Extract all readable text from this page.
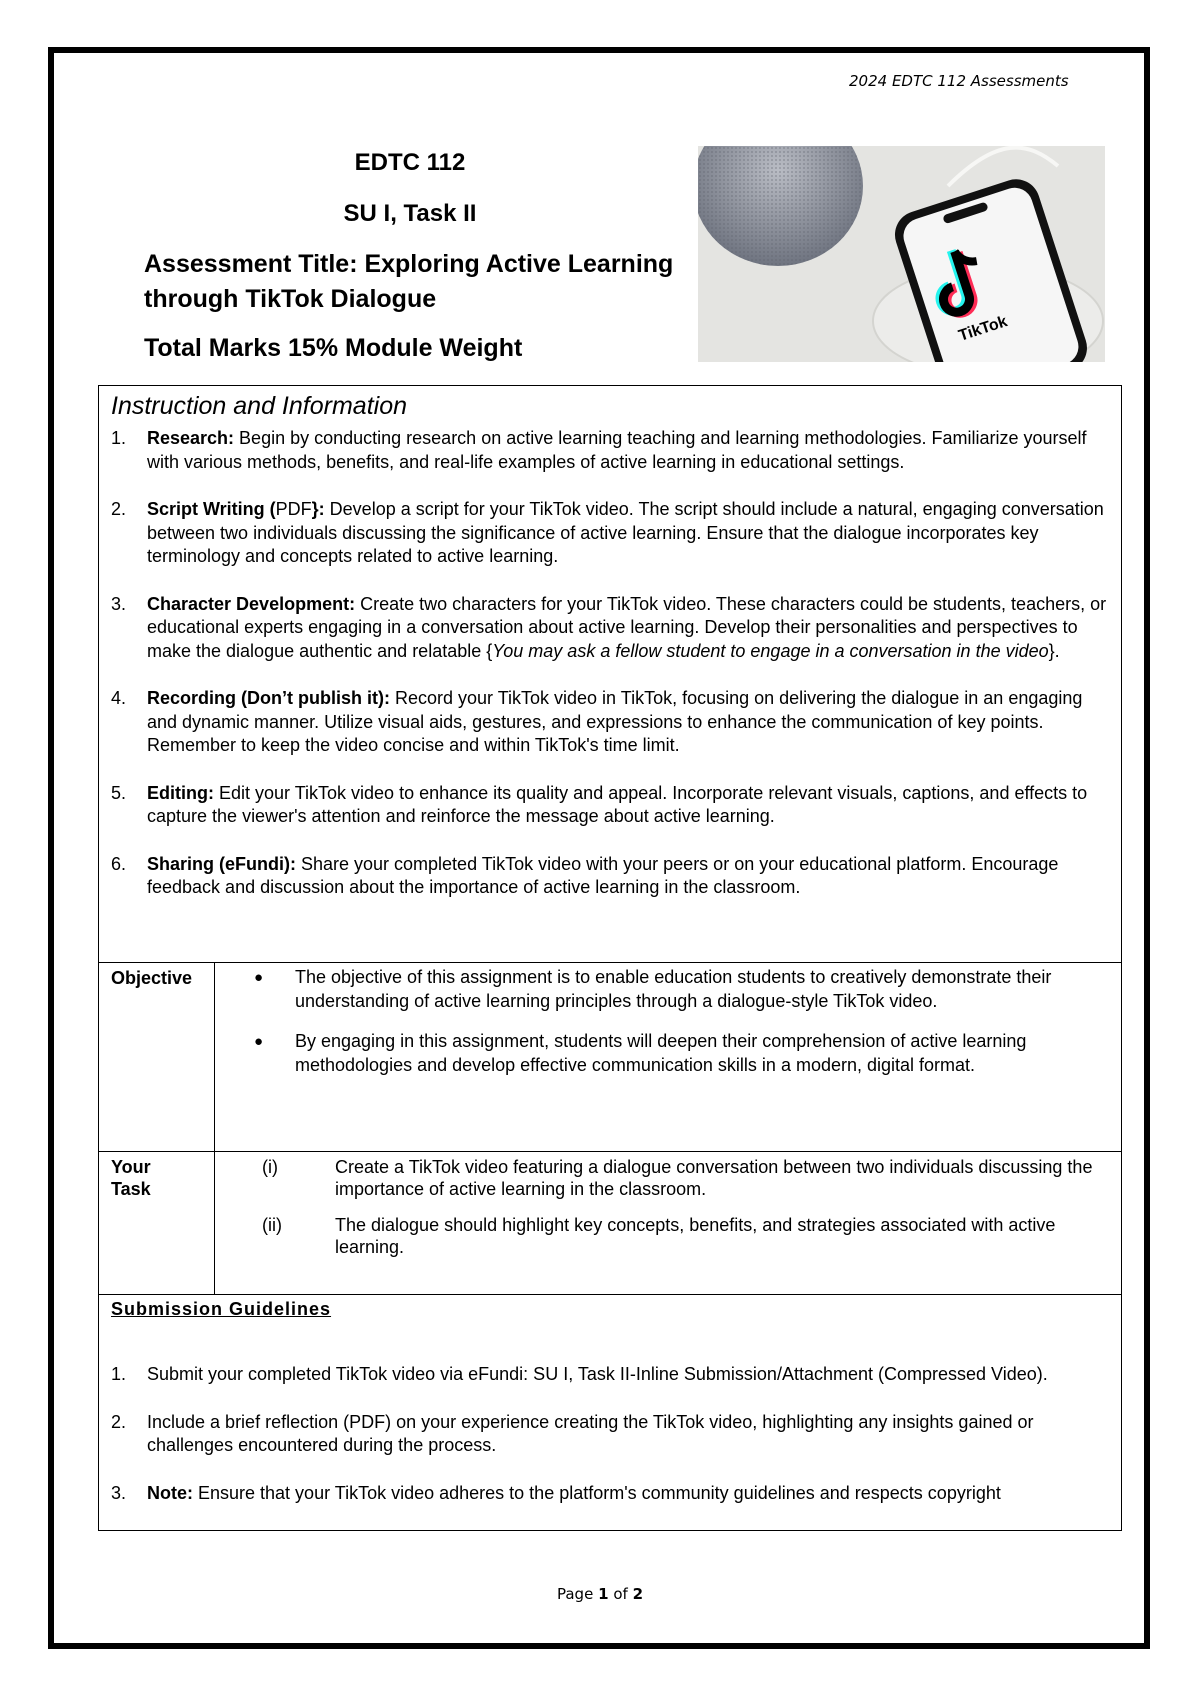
2024 EDTC 112 Assessments
EDTC 112
SU I, Task II
Assessment Title: Exploring Active Learning through TikTok Dialogue
Total Marks 15% Module Weight
TikTok
Instruction and Information
1. Research: Begin by conducting research on active learning teaching and learning methodologies. Familiarize yourself with various methods, benefits, and real-life examples of active learning in educational settings.
2. Script Writing (PDF}: Develop a script for your TikTok video. The script should include a natural, engaging conversation between two individuals discussing the significance of active learning. Ensure that the dialogue incorporates key terminology and concepts related to active learning.
3. Character Development: Create two characters for your TikTok video. These characters could be students, teachers, or educational experts engaging in a conversation about active learning. Develop their personalities and perspectives to make the dialogue authentic and relatable {You may ask a fellow student to engage in a conversation in the video}.
4. Recording (Don’t publish it): Record your TikTok video in TikTok, focusing on delivering the dialogue in an engaging and dynamic manner. Utilize visual aids, gestures, and expressions to enhance the communication of key points. Remember to keep the video concise and within TikTok's time limit.
5. Editing: Edit your TikTok video to enhance its quality and appeal. Incorporate relevant visuals, captions, and effects to capture the viewer's attention and reinforce the message about active learning.
6. Sharing (eFundi): Share your completed TikTok video with your peers or on your educational platform. Encourage feedback and discussion about the importance of active learning in the classroom.
Objective	● The objective of this assignment is to enable education students to creatively demonstrate their understanding of active learning principles through a dialogue-style TikTok video.
● By engaging in this assignment, students will deepen their comprehension of active learning methodologies and develop effective communication skills in a modern, digital format.
Your Task
(i)	Create a TikTok video featuring a dialogue conversation between two individuals discussing the importance of active learning in the classroom.
(ii)	The dialogue should highlight key concepts, benefits, and strategies associated with active learning.
Submission Guidelines
1. Submit your completed TikTok video via eFundi: SU I, Task II-Inline Submission/Attachment (Compressed Video).
2. Include a brief reflection (PDF) on your experience creating the TikTok video, highlighting any insights gained or challenges encountered during the process.
3. Note: Ensure that your TikTok video adheres to the platform's community guidelines and respects copyright
Page 1 of 2
